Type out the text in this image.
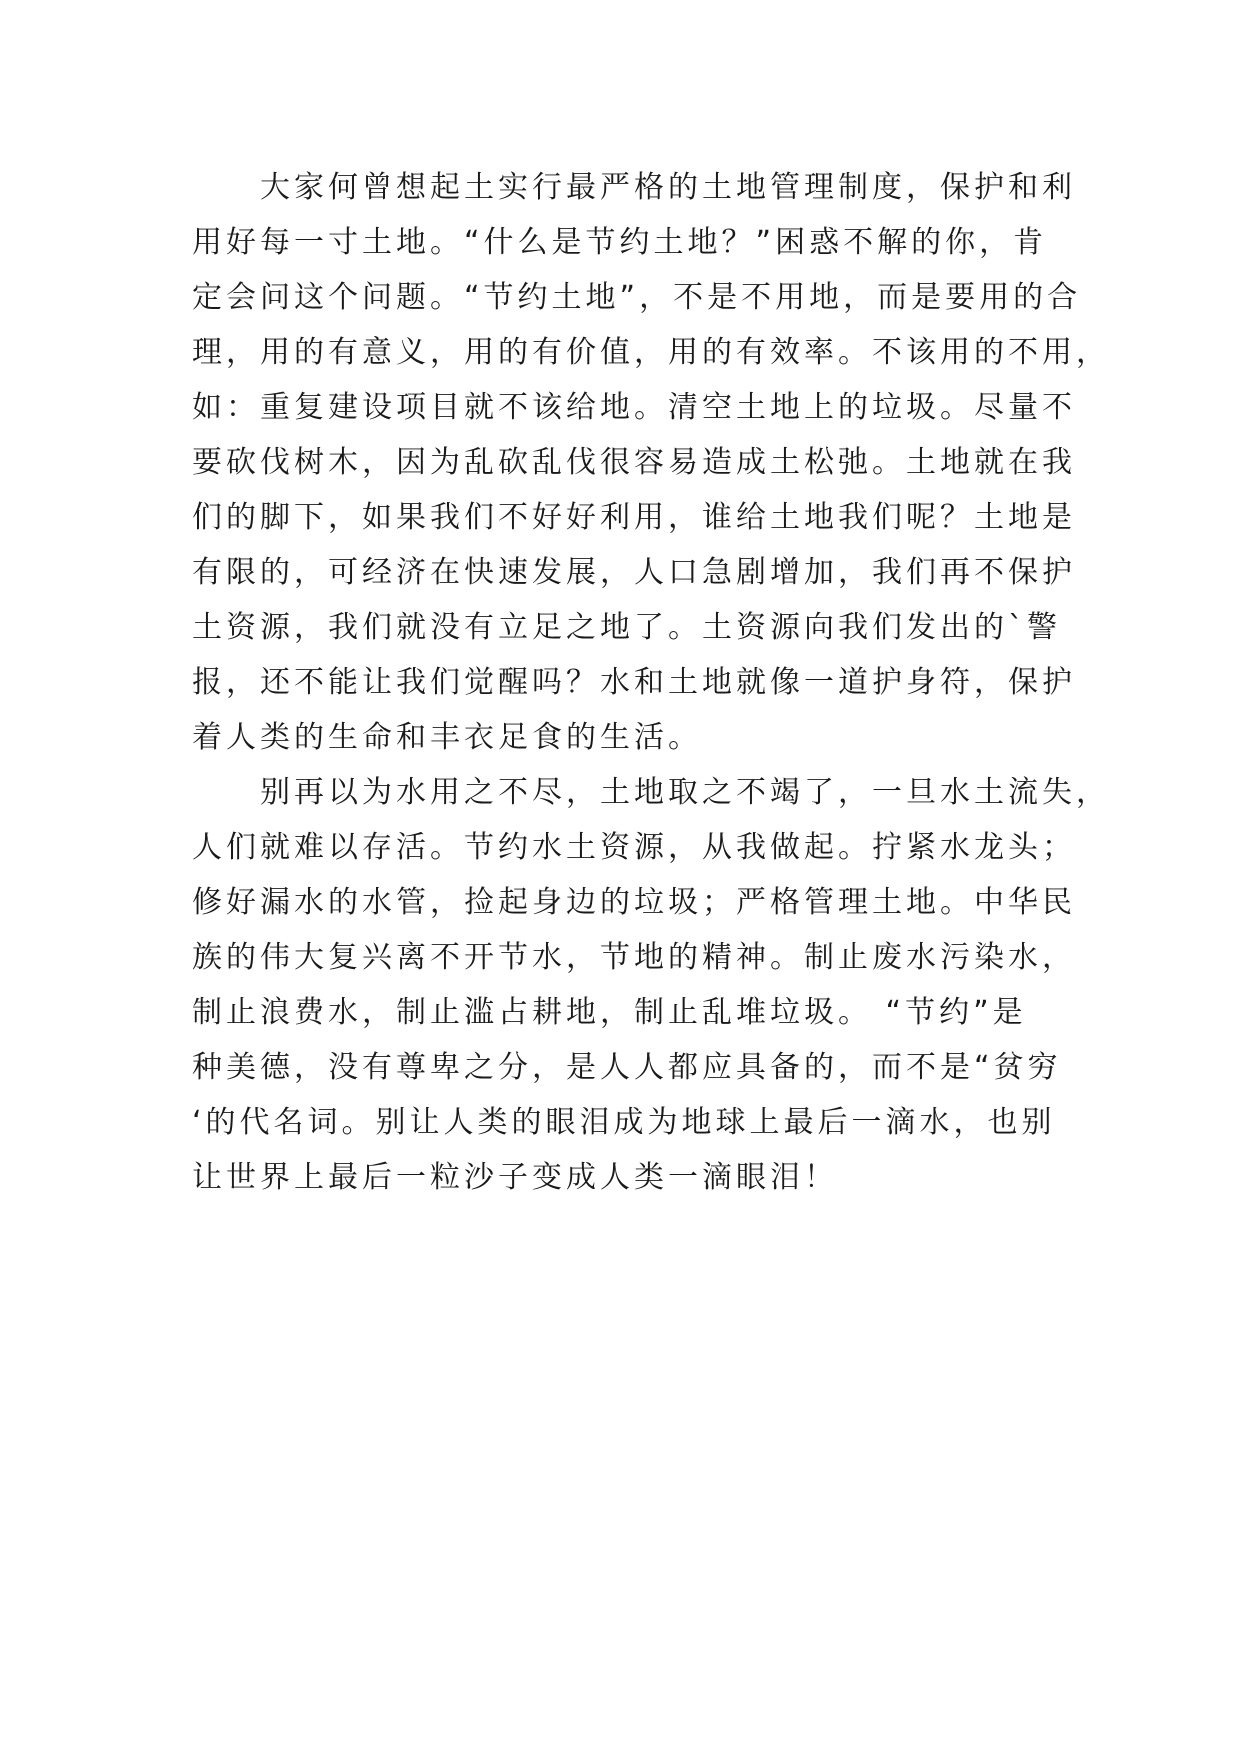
大家何曾想起土实行最严格的土地管理制度，保护和利
用好每一寸土地。“什么是节约土地？”困惑不解的你，肯
定会问这个问题。“节约土地”，不是不用地，而是要用的合
理，用的有意义，用的有价值，用的有效率。不该用的不用，
如：重复建设项目就不该给地。清空土地上的垃圾。尽量不
要砍伐树木，因为乱砍乱伐很容易造成土松弛。土地就在我
们的脚下，如果我们不好好利用，谁给土地我们呢？土地是
有限的，可经济在快速发展，人口急剧增加，我们再不保护
土资源，我们就没有立足之地了。土资源向我们发出的`警
报，还不能让我们觉醒吗？水和土地就像一道护身符，保护
着人类的生命和丰衣足食的生活。
别再以为水用之不尽，土地取之不竭了，一旦水土流失，
人们就难以存活。节约水土资源，从我做起。拧紧水龙头；
修好漏水的水管，捡起身边的垃圾；严格管理土地。中华民
族的伟大复兴离不开节水，节地的精神。制止废水污染水，
制止浪费水，制止滥占耕地，制止乱堆垃圾。 “节约”是
种美德，没有尊卑之分，是人人都应具备的，而不是“贫穷
‘的代名词。别让人类的眼泪成为地球上最后一滴水，也别
让世界上最后一粒沙子变成人类一滴眼泪！
